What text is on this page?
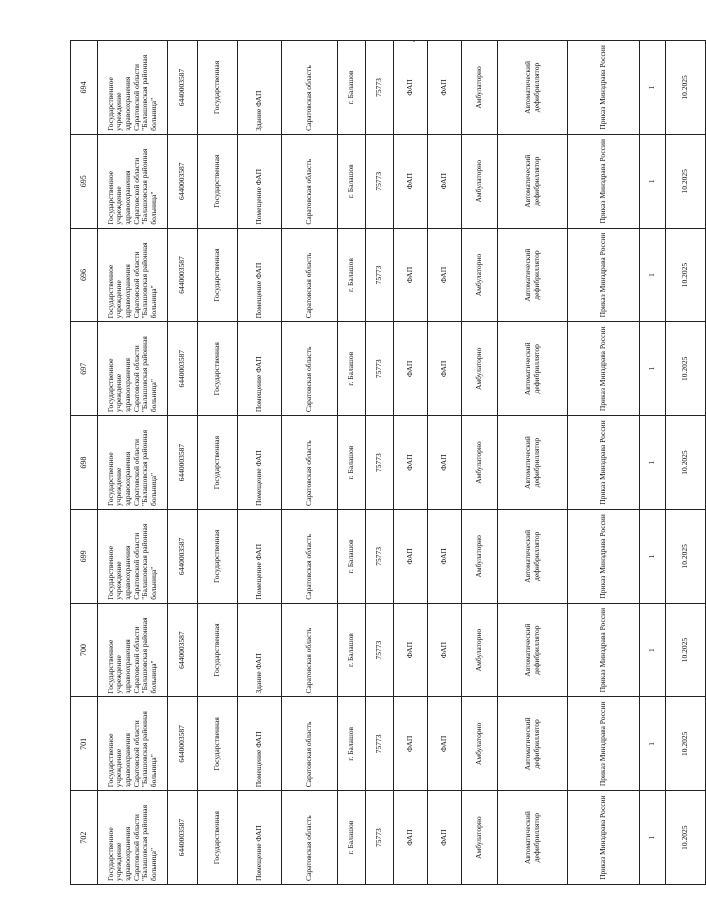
702	701	700	699	698	697	696	695	694
Государственное учреждение здравоохранения Саратовской области "Балашовская районная больница"	Государственное учреждение здравоохранения Саратовской области "Балашовская районная больница"	Государственное учреждение здравоохранения Саратовской области "Балашовская районная больница"	Государственное учреждение здравоохранения Саратовской области "Балашовская районная больница"	Государственное учреждение здравоохранения Саратовской области "Балашовская районная больница"	Государственное учреждение здравоохранения Саратовской области "Балашовская районная больница"	Государственное учреждение здравоохранения Саратовской области "Балашовская районная больница"	Государственное учреждение здравоохранения Саратовской области "Балашовская районная больница"	Государственное учреждение здравоохранения Саратовской области "Балашовская районная больница"
6440003587	6440003587	6440003587	6440003587	6440003587	6440003587	6440003587	6440003587	6440003587
Государственная	Государственная	Государственная	Государственная	Государственная	Государственная	Государственная	Государственная	Государственная
Помещение ФАП	Помещение ФАП	Здание ФАП	Помещение ФАП	Помещение ФАП	Помещение ФАП	Помещение ФАП	Помещение ФАП	Здание ФАП
Саратовская область	Саратовская область	Саратовская область	Саратовская область	Саратовская область	Саратовская область	Саратовская область	Саратовская область	Саратовская область
г. Балашов	г. Балашов	г. Балашов	г. Балашов	г. Балашов	г. Балашов	г. Балашов	г. Балашов	г. Балашов
75773	75773	75773	75773	75773	75773	75773	75773	75773
ФАП	ФАП	ФАП	ФАП	ФАП	ФАП	ФАП	ФАП	ФАП
ФАП	ФАП	ФАП	ФАП	ФАП	ФАП	ФАП	ФАП	ФАП
Амбулаторно	Амбулаторно	Амбулаторно	Амбулаторно	Амбулаторно	Амбулаторно	Амбулаторно	Амбулаторно	Амбулаторно
Автоматический дефибриллятор	Автоматический дефибриллятор	Автоматический дефибриллятор	Автоматический дефибриллятор	Автоматический дефибриллятор	Автоматический дефибриллятор	Автоматический дефибриллятор	Автоматический дефибриллятор	Автоматический дефибриллятор
Приказ Минздрава России	Приказ Минздрава России	Приказ Минздрава России	Приказ Минздрава России	Приказ Минздрава России	Приказ Минздрава России	Приказ Минздрава России	Приказ Минздрава России	Приказ Минздрава России
1	1	1	1	1	1	1	1	1
10.2025	10.2025	10.2025	10.2025	10.2025	10.2025	10.2025	10.2025	10.2025
